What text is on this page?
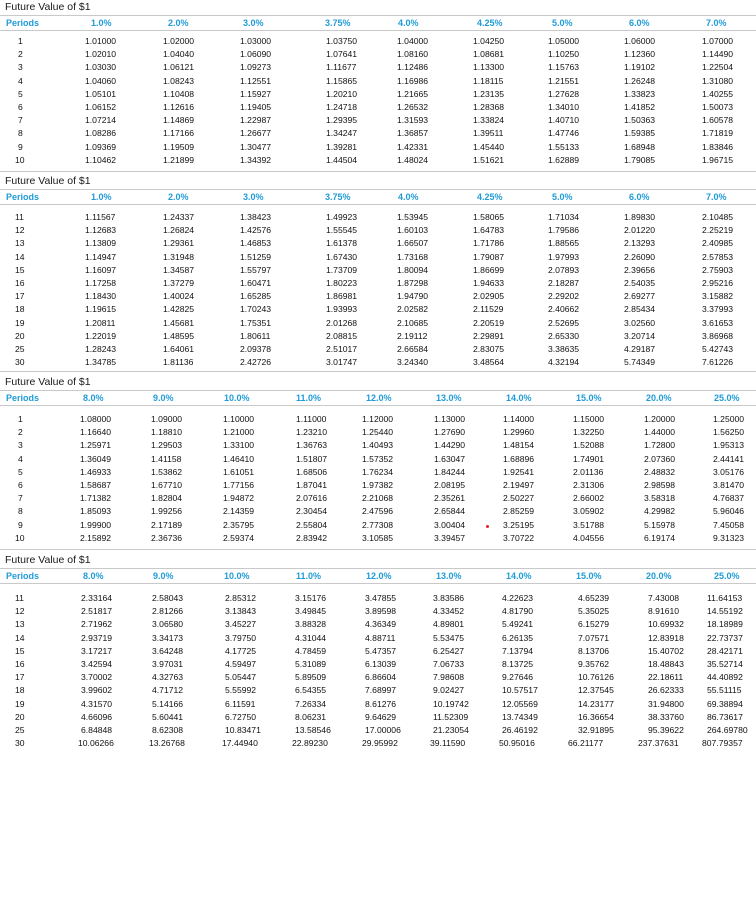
Future Value of $1
Periods	1.0%	2.0%	3.0%	3.75%	4.0%	4.25%	5.0%	6.0%	7.0%
1	1.01000	1.02000	1.03000	1.03750	1.04000	1.04250	1.05000	1.06000	1.07000
2	1.02010	1.04040	1.06090	1.07641	1.08160	1.08681	1.10250	1.12360	1.14490
3	1.03030	1.06121	1.09273	1.11677	1.12486	1.13300	1.15763	1.19102	1.22504
4	1.04060	1.08243	1.12551	1.15865	1.16986	1.18115	1.21551	1.26248	1.31080
5	1.05101	1.10408	1.15927	1.20210	1.21665	1.23135	1.27628	1.33823	1.40255
6	1.06152	1.12616	1.19405	1.24718	1.26532	1.28368	1.34010	1.41852	1.50073
7	1.07214	1.14869	1.22987	1.29395	1.31593	1.33824	1.40710	1.50363	1.60578
8	1.08286	1.17166	1.26677	1.34247	1.36857	1.39511	1.47746	1.59385	1.71819
9	1.09369	1.19509	1.30477	1.39281	1.42331	1.45440	1.55133	1.68948	1.83846
10	1.10462	1.21899	1.34392	1.44504	1.48024	1.51621	1.62889	1.79085	1.96715
Future Value of $1
Periods	1.0%	2.0%	3.0%	3.75%	4.0%	4.25%	5.0%	6.0%	7.0%
11	1.11567	1.24337	1.38423	1.49923	1.53945	1.58065	1.71034	1.89830	2.10485
12	1.12683	1.26824	1.42576	1.55545	1.60103	1.64783	1.79586	2.01220	2.25219
13	1.13809	1.29361	1.46853	1.61378	1.66507	1.71786	1.88565	2.13293	2.40985
14	1.14947	1.31948	1.51259	1.67430	1.73168	1.79087	1.97993	2.26090	2.57853
15	1.16097	1.34587	1.55797	1.73709	1.80094	1.86699	2.07893	2.39656	2.75903
16	1.17258	1.37279	1.60471	1.80223	1.87298	1.94633	2.18287	2.54035	2.95216
17	1.18430	1.40024	1.65285	1.86981	1.94790	2.02905	2.29202	2.69277	3.15882
18	1.19615	1.42825	1.70243	1.93993	2.02582	2.11529	2.40662	2.85434	3.37993
19	1.20811	1.45681	1.75351	2.01268	2.10685	2.20519	2.52695	3.02560	3.61653
20	1.22019	1.48595	1.80611	2.08815	2.19112	2.29891	2.65330	3.20714	3.86968
25	1.28243	1.64061	2.09378	2.51017	2.66584	2.83075	3.38635	4.29187	5.42743
30	1.34785	1.81136	2.42726	3.01747	3.24340	3.48564	4.32194	5.74349	7.61226
Future Value of $1
Periods	8.0%	9.0%	10.0%	11.0%	12.0%	13.0%	14.0%	15.0%	20.0%	25.0%
1	1.08000	1.09000	1.10000	1.11000	1.12000	1.13000	1.14000	1.15000	1.20000	1.25000
2	1.16640	1.18810	1.21000	1.23210	1.25440	1.27690	1.29960	1.32250	1.44000	1.56250
3	1.25971	1.29503	1.33100	1.36763	1.40493	1.44290	1.48154	1.52088	1.72800	1.95313
4	1.36049	1.41158	1.46410	1.51807	1.57352	1.63047	1.68896	1.74901	2.07360	2.44141
5	1.46933	1.53862	1.61051	1.68506	1.76234	1.84244	1.92541	2.01136	2.48832	3.05176
6	1.58687	1.67710	1.77156	1.87041	1.97382	2.08195	2.19497	2.31306	2.98598	3.81470
7	1.71382	1.82804	1.94872	2.07616	2.21068	2.35261	2.50227	2.66002	3.58318	4.76837
8	1.85093	1.99256	2.14359	2.30454	2.47596	2.65844	2.85259	3.05902	4.29982	5.96046
9	1.99900	2.17189	2.35795	2.55804	2.77308	3.00404	3.25195	3.51788	5.15978	7.45058
10	2.15892	2.36736	2.59374	2.83942	3.10585	3.39457	3.70722	4.04556	6.19174	9.31323
Future Value of $1
Periods	8.0%	9.0%	10.0%	11.0%	12.0%	13.0%	14.0%	15.0%	20.0%	25.0%
11	2.33164	2.58043	2.85312	3.15176	3.47855	3.83586	4.22623	4.65239	7.43008	11.64153
12	2.51817	2.81266	3.13843	3.49845	3.89598	4.33452	4.81790	5.35025	8.91610	14.55192
13	2.71962	3.06580	3.45227	3.88328	4.36349	4.89801	5.49241	6.15279	10.69932	18.18989
14	2.93719	3.34173	3.79750	4.31044	4.88711	5.53475	6.26135	7.07571	12.83918	22.73737
15	3.17217	3.64248	4.17725	4.78459	5.47357	6.25427	7.13794	8.13706	15.40702	28.42171
16	3.42594	3.97031	4.59497	5.31089	6.13039	7.06733	8.13725	9.35762	18.48843	35.52714
17	3.70002	4.32763	5.05447	5.89509	6.86604	7.98608	9.27646	10.76126	22.18611	44.40892
18	3.99602	4.71712	5.55992	6.54355	7.68997	9.02427	10.57517	12.37545	26.62333	55.51115
19	4.31570	5.14166	6.11591	7.26334	8.61276	10.19742	12.05569	14.23177	31.94800	69.38894
20	4.66096	5.60441	6.72750	8.06231	9.64629	11.52309	13.74349	16.36654	38.33760	86.73617
25	6.84848	8.62308	10.83471	13.58546	17.00006	21.23054	26.46192	32.91895	95.39622	264.69780
30	10.06266	13.26768	17.44940	22.89230	29.95992	39.11590	50.95016	66.21177	237.37631	807.79357
